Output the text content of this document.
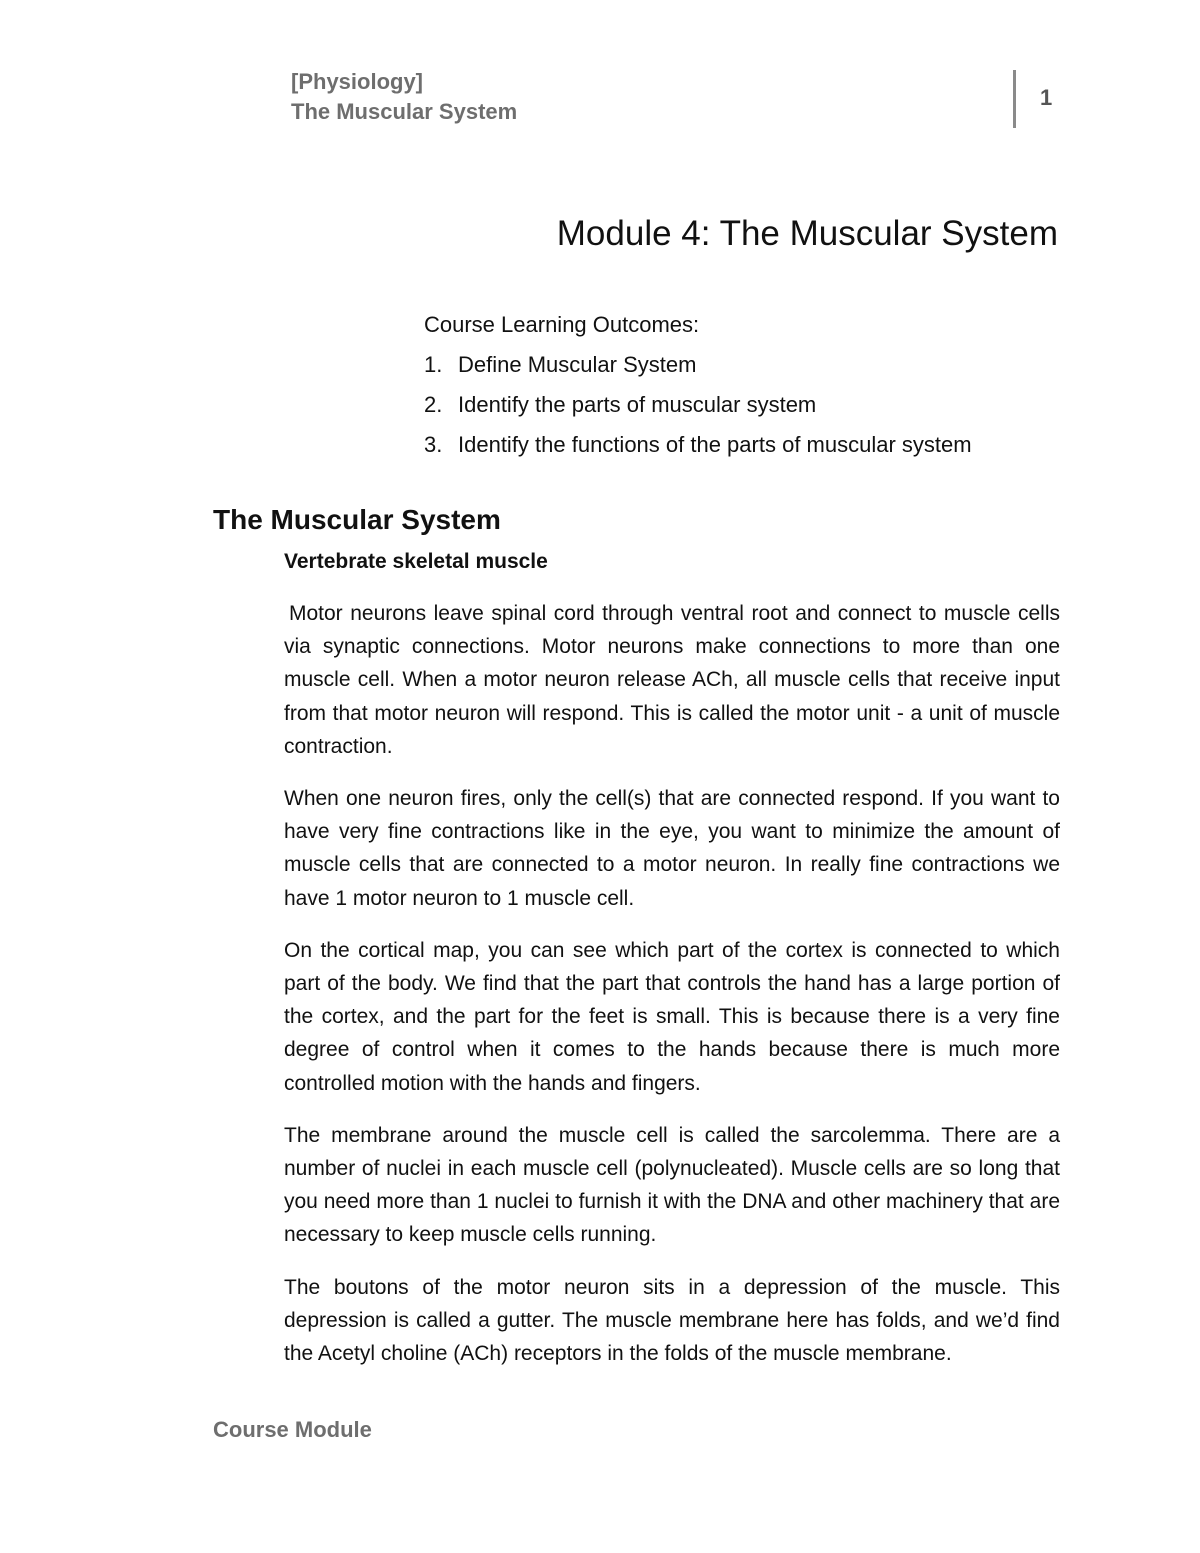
[Physiology]
The Muscular System
1
Module 4: The Muscular System
Course Learning Outcomes:
1. Define Muscular System
2. Identify the parts of muscular system
3. Identify the functions of the parts of muscular system
The Muscular System
Vertebrate skeletal muscle

Motor neurons leave spinal cord through ventral root and connect to muscle cells via synaptic connections. Motor neurons make connections to more than one muscle cell. When a motor neuron release ACh, all muscle cells that receive input from that motor neuron will respond. This is called the motor unit - a unit of muscle contraction.

When one neuron fires, only the cell(s) that are connected respond. If you want to have very fine contractions like in the eye, you want to minimize the amount of muscle cells that are connected to a motor neuron. In really fine contractions we have 1 motor neuron to 1 muscle cell.

On the cortical map, you can see which part of the cortex is connected to which part of the body. We find that the part that controls the hand has a large portion of the cortex, and the part for the feet is small. This is because there is a very fine degree of control when it comes to the hands because there is much more controlled motion with the hands and fingers.

The membrane around the muscle cell is called the sarcolemma. There are a number of nuclei in each muscle cell (polynucleated). Muscle cells are so long that you need more than 1 nuclei to furnish it with the DNA and other machinery that are necessary to keep muscle cells running.

The boutons of the motor neuron sits in a depression of the muscle. This depression is called a gutter. The muscle membrane here has folds, and we’d find the Acetyl choline (ACh) receptors in the folds of the muscle membrane.

Course Module
